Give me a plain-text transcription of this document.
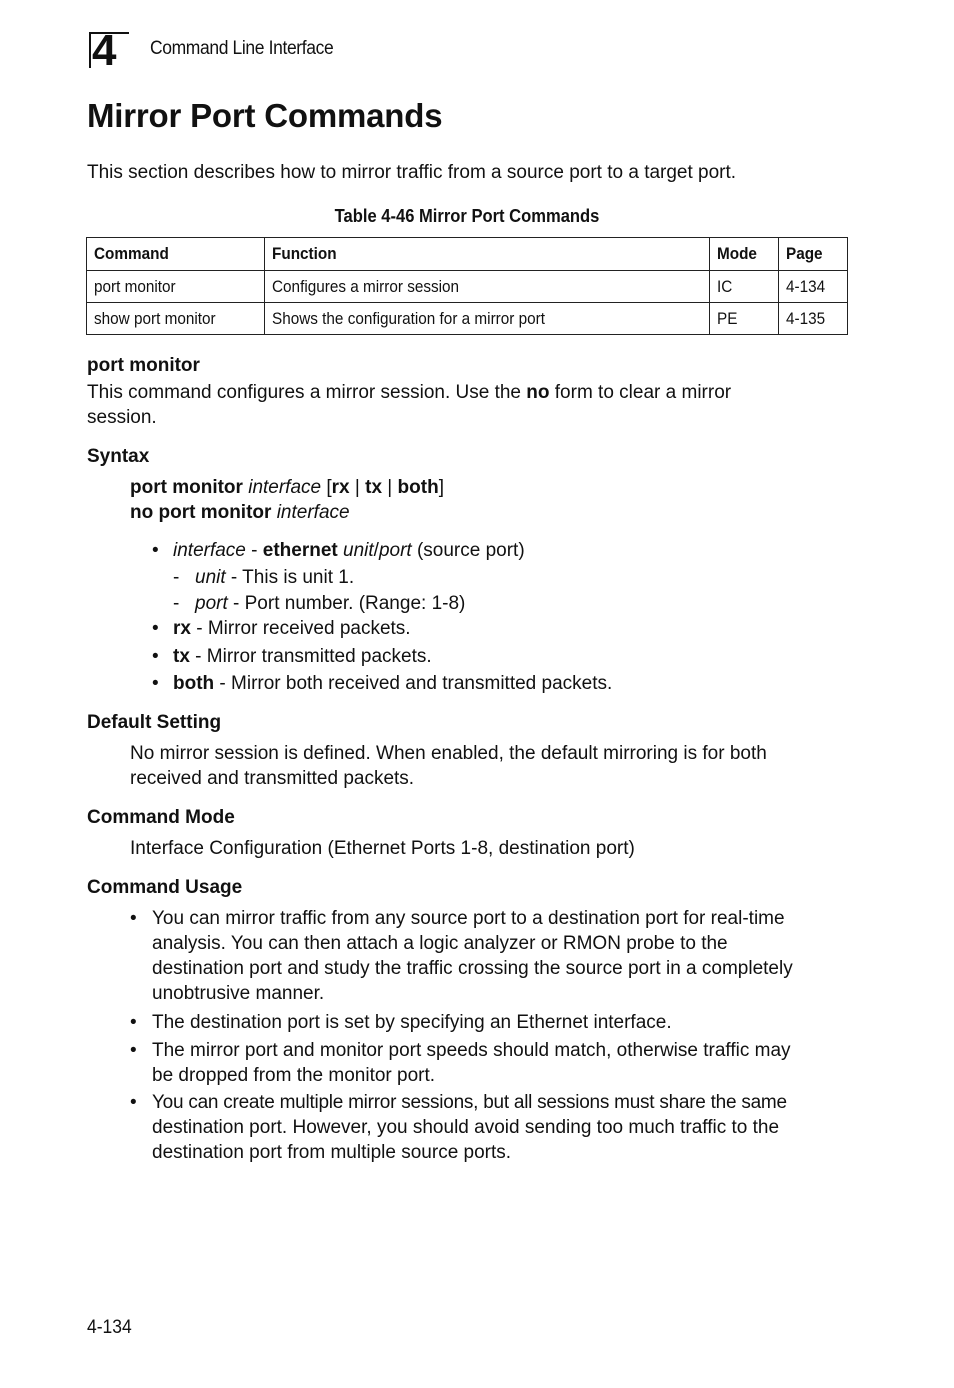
4 Command Line Interface
Mirror Port Commands

This section describes how to mirror traffic from a source port to a target port.

Table 4-46 Mirror Port Commands
Command	Function	Mode	Page
port monitor	Configures a mirror session	IC	4-134
show port monitor	Shows the configuration for a mirror port	PE	4-135
port monitor

This command configures a mirror session. Use the no form to clear a mirror

session.

Syntax

port monitor interface [rx | tx | both]

no port monitor interface

• interface - ethernet unit/port (source port)
- unit - This is unit 1.
- port - Port number. (Range: 1-8)
• rx - Mirror received packets.
• tx - Mirror transmitted packets.
• both - Mirror both received and transmitted packets.
Default Setting

No mirror session is defined. When enabled, the default mirroring is for both

received and transmitted packets.

Command Mode

Interface Configuration (Ethernet Ports 1-8, destination port)

Command Usage
• You can mirror traffic from any source port to a destination port for real-time
analysis. You can then attach a logic analyzer or RMON probe to the
destination port and study the traffic crossing the source port in a completely
unobtrusive manner.
• The destination port is set by specifying an Ethernet interface.
• The mirror port and monitor port speeds should match, otherwise traffic may
be dropped from the monitor port.
• You can create multiple mirror sessions, but all sessions must share the same
destination port. However, you should avoid sending too much traffic to the
destination port from multiple source ports.
4-134
